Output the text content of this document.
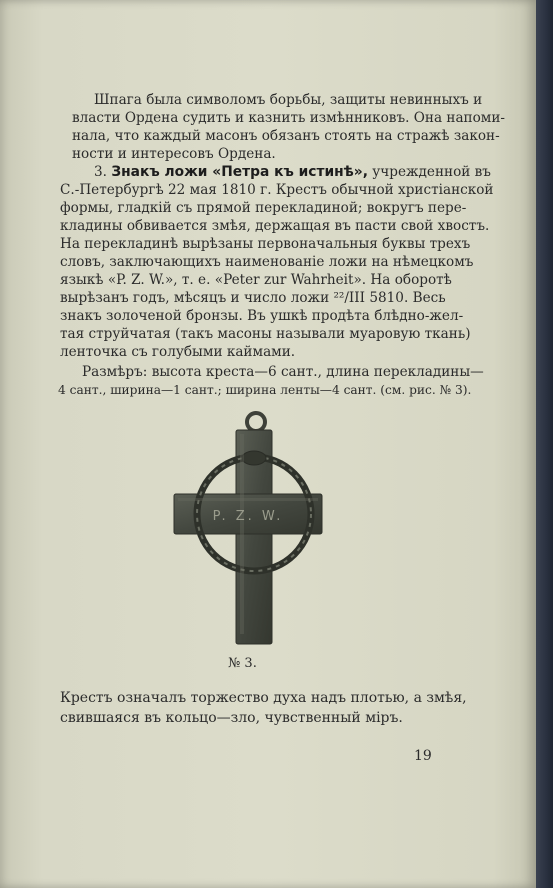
Шпага была символомъ борьбы, защиты невинныхъ и
власти Ордена судить и казнить измѣнниковъ. Она напоми-
нала, что каждый масонъ обязанъ стоять на стражѣ закон-
ности и интересовъ Ордена.
3. Знакъ ложи «Петра къ истинѣ», учрежденной въ
С.-Петербургѣ 22 мая 1810 г. Крестъ обычной христіанской
формы, гладкій съ прямой перекладиной; вокругъ пере-
кладины обвивается змѣя, держащая въ пасти свой хвостъ.
На перекладинѣ вырѣзаны первоначальныя буквы трехъ
словъ, заключающихъ наименованіе ложи на нѣмецкомъ
языкѣ «P. Z. W.», т. е. «Peter zur Wahrheit». На оборотѣ
вырѣзанъ годъ, мѣсяцъ и число ложи ²²/III 5810. Весь
знакъ золоченой бронзы. Въ ушкѣ продѣта блѣдно-жел-
тая струйчатая (такъ масоны называли муаровую ткань)
ленточка съ голубыми каймами.
Размѣръ: высота креста—6 сант., длина перекладины—
4 сант., ширина—1 сант.; ширина ленты—4 сант. (см. рис. № 3).
P. Z. W.
№ 3.
Крестъ означалъ торжество духа надъ плотью, а змѣя,
свившаяся въ кольцо—зло, чувственный міръ.
19
